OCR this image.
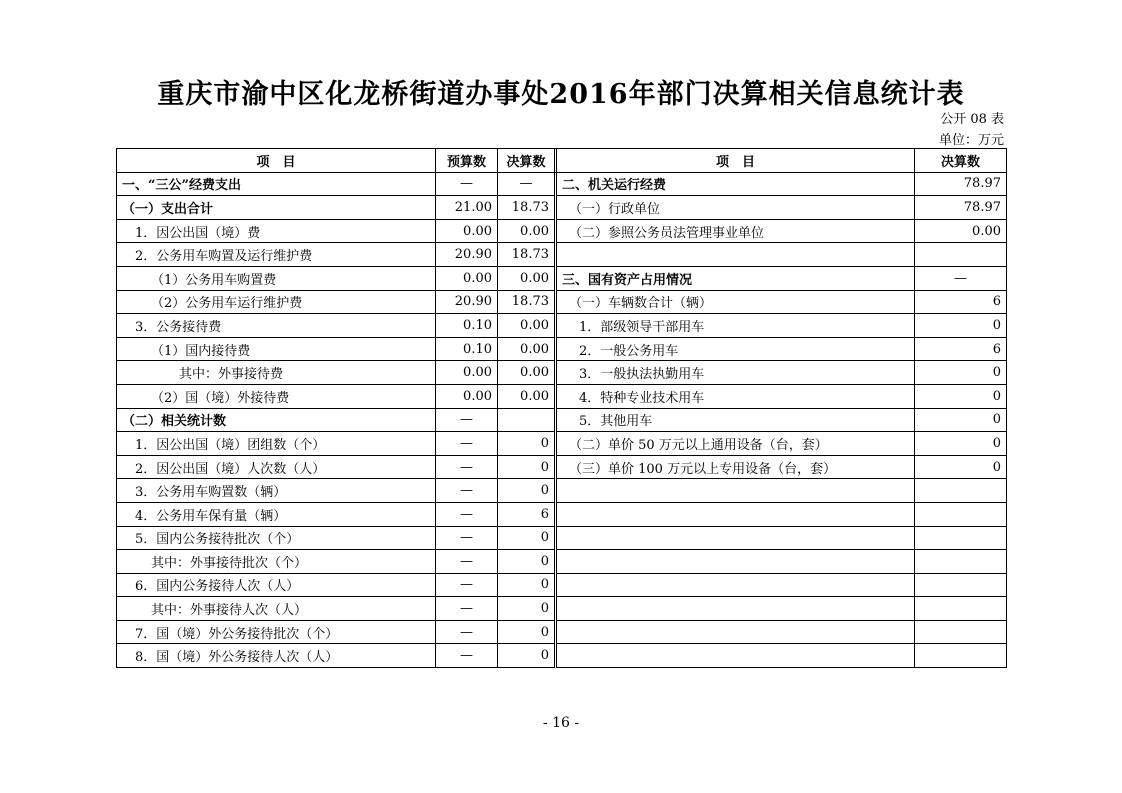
重庆市渝中区化龙桥街道办事处2016年部门决算相关信息统计表
公开 08 表
单位：万元
项　目	预算数	决算数		项　目	决算数
一、“三公”经费支出	—	—		二、机关运行经费	78.97
（一）支出合计	21.00	18.73		（一）行政单位	78.97
1．因公出国（境）费	0.00	0.00		（二）参照公务员法管理事业单位	0.00
2．公务用车购置及运行维护费	20.90	18.73			
（1）公务用车购置费	0.00	0.00		三、国有资产占用情况	—
（2）公务用车运行维护费	20.90	18.73		（一）车辆数合计（辆）	6
3．公务接待费	0.10	0.00		1．部级领导干部用车	0
（1）国内接待费	0.10	0.00		2．一般公务用车	6
其中：外事接待费	0.00	0.00		3．一般执法执勤用车	0
（2）国（境）外接待费	0.00	0.00		4．特种专业技术用车	0
（二）相关统计数	—			5．其他用车	0
1．因公出国（境）团组数（个）	—	0		（二）单价 50 万元以上通用设备（台，套）	0
2．因公出国（境）人次数（人）	—	0		（三）单价 100 万元以上专用设备（台，套）	0
3．公务用车购置数（辆）	—	0			
4．公务用车保有量（辆）	—	6			
5．国内公务接待批次（个）	—	0			
其中：外事接待批次（个）	—	0			
6．国内公务接待人次（人）	—	0			
其中：外事接待人次（人）	—	0			
7．国（境）外公务接待批次（个）	—	0			
8．国（境）外公务接待人次（人）	—	0			
- 16 -
